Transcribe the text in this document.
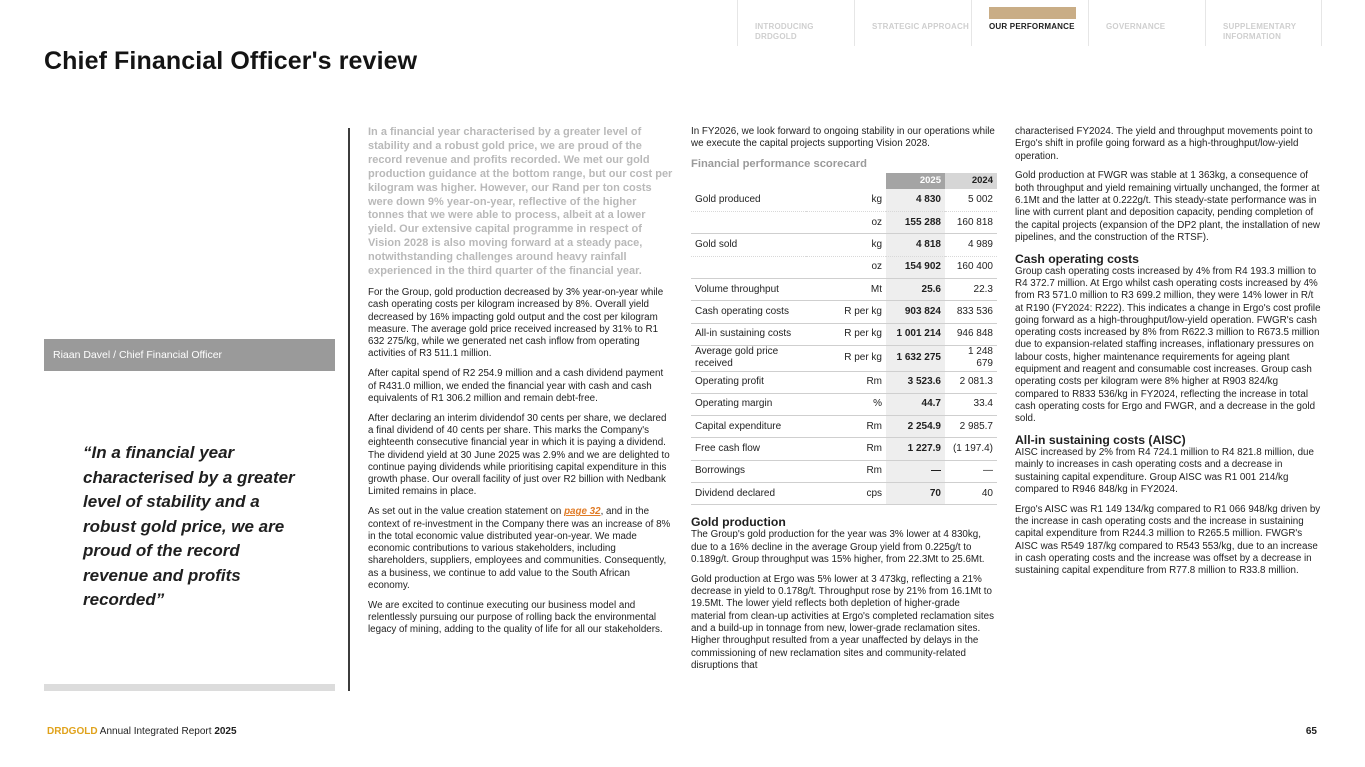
INTRODUCING DRDGOLD
STRATEGIC APPROACH	OUR PERFORMANCE	GOVERNANCE	SUPPLEMENTARY INFORMATION
Chief Financial Officer's review
Riaan Davel / Chief Financial Officer
“In a financial year characterised by a greater level of stability and a robust gold price, we are proud of the record revenue and profits recorded”

In a financial year characterised by a greater level of stability and a robust gold price, we are proud of the record revenue and profits recorded. We met our gold production guidance at the bottom range, but our cost per kilogram was higher. However, our Rand per ton costs were down 9% year-on-year, reflective of the higher tonnes that we were able to process, albeit at a lower yield. Our extensive capital programme in respect of Vision 2028 is also moving forward at a steady pace, notwithstanding challenges around heavy rainfall experienced in the third quarter of the financial year.

For the Group, gold production decreased by 3% year-on-year while cash operating costs per kilogram increased by 8%. Overall yield decreased by 16% impacting gold output and the cost per kilogram measure. The average gold price received increased by 31% to R1 632 275/kg, while we generated net cash inflow from operating activities of R3 511.1 million.

After capital spend of R2 254.9 million and a cash dividend payment of R431.0 million, we ended the financial year with cash and cash equivalents of R1 306.2 million and remain debt-free.

After declaring an interim dividendof 30 cents per share, we declared a final dividend of 40 cents per share. This marks the Company's eighteenth consecutive financial year in which it is paying a dividend. The dividend yield at 30 June 2025 was 2.9% and we are delighted to continue paying dividends while prioritising capital expenditure in this growth phase. Our overall facility of just over R2 billion with Nedbank Limited remains in place.

As set out in the value creation statement on page 32, and in the context of re-investment in the Company there was an increase of 8% in the total economic value distributed year-on-year. We made economic contributions to various stakeholders, including shareholders, suppliers, employees and communities. Consequently, as a business, we continue to add value to the South African economy.

We are excited to continue executing our business model and relentlessly pursuing our purpose of rolling back the environmental legacy of mining, adding to the quality of life for all our stakeholders.

In FY2026, we look forward to ongoing stability in our operations while we execute the capital projects supporting Vision 2028.

Financial performance scorecard
		2025	2024
Gold produced	kg	4 830	5 002
	oz	155 288	160 818
Gold sold	kg	4 818	4 989
	oz	154 902	160 400
Volume throughput	Mt	25.6	22.3
Cash operating costs	R per kg	903 824	833 536
All-in sustaining costs	R per kg	1 001 214	946 848
Average gold price received	R per kg	1 632 275	1 248 679
Operating profit	Rm	3 523.6	2 081.3
Operating margin	%	44.7	33.4
Capital expenditure	Rm	2 254.9	2 985.7
Free cash flow	Rm	1 227.9	(1 197.4)
Borrowings	Rm	—	—
Dividend declared	cps	70	40
Gold production

The Group's gold production for the year was 3% lower at 4 830kg, due to a 16% decline in the average Group yield from 0.225g/t to 0.189g/t. Group throughput was 15% higher, from 22.3Mt to 25.6Mt.

Gold production at Ergo was 5% lower at 3 473kg, reflecting a 21% decrease in yield to 0.178g/t. Throughput rose by 21% from 16.1Mt to 19.5Mt. The lower yield reflects both depletion of higher-grade material from clean-up activities at Ergo's completed reclamation sites and a build-up in tonnage from new, lower-grade reclamation sites. Higher throughput resulted from a year unaffected by delays in the commissioning of new reclamation sites and community-related disruptions that

characterised FY2024. The yield and throughput movements point to Ergo's shift in profile going forward as a high-throughput/low-yield operation.

Gold production at FWGR was stable at 1 363kg, a consequence of both throughput and yield remaining virtually unchanged, the former at 6.1Mt and the latter at 0.222g/t. This steady-state performance was in line with current plant and deposition capacity, pending completion of the capital projects (expansion of the DP2 plant, the installation of new pipelines, and the construction of the RTSF).

Cash operating costs

Group cash operating costs increased by 4% from R4 193.3 million to R4 372.7 million. At Ergo whilst cash operating costs increased by 4% from R3 571.0 million to R3 699.2 million, they were 14% lower in R/t at R190 (FY2024: R222). This indicates a change in Ergo's cost profile going forward as a high-throughput/low-yield operation. FWGR's cash operating costs increased by 8% from R622.3 million to R673.5 million due to expansion-related staffing increases, inflationary pressures on labour costs, higher maintenance requirements for ageing plant equipment and reagent and consumable cost increases. Group cash operating costs per kilogram were 8% higher at R903 824/kg compared to R833 536/kg in FY2024, reflecting the increase in total cash operating costs for Ergo and FWGR, and a decrease in the gold sold.

All-in sustaining costs (AISC)

AISC increased by 2% from R4 724.1 million to R4 821.8 million, due mainly to increases in cash operating costs and a decrease in sustaining capital expenditure. Group AISC was R1 001 214/kg compared to R946 848/kg in FY2024.

Ergo's AISC was R1 149 134/kg compared to R1 066 948/kg driven by the increase in cash operating costs and the increase in sustaining capital expenditure from R244.3 million to R265.5 million. FWGR's AISC was R549 187/kg compared to R543 553/kg, due to an increase in cash operating costs and the increase was offset by a decrease in sustaining capital expenditure from R77.8 million to R33.8 million.

DRDGOLD Annual Integrated Report 2025	65
